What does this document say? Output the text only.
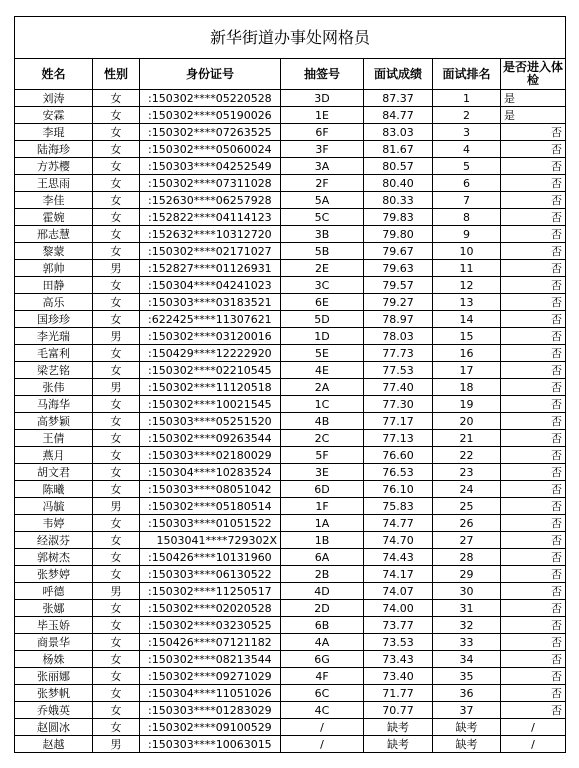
新华街道办事处网格员						
姓名	性别	身份证号	抽签号	面试成绩	面试排名	是否进入体检
刘涛	女	:150302****05220528	3D	87.37	1	是
安霖	女	:150302****05190026	1E	84.77	2	是
李琨	女	:150302****07263525	6F	83.03	3	否
陆海珍	女	:150302****05060024	3F	81.67	4	否
方苏樱	女	:150303****04252549	3A	80.57	5	否
王思雨	女	:150302****07311028	2F	80.40	6	否
李佳	女	:152630****06257928	5A	80.33	7	否
霍婉	女	:152822****04114123	5C	79.83	8	否
邢志慧	女	:152632****10312720	3B	79.80	9	否
黎蒙	女	:150302****02171027	5B	79.67	10	否
郭帅	男	:152827****01126931	2E	79.63	11	否
田静	女	:150304****04241023	3C	79.57	12	否
高乐	女	:150303****03183521	6E	79.27	13	否
国珍珍	女	:622425****11307621	5D	78.97	14	否
李光瑞	男	:150302****03120016	1D	78.03	15	否
毛富利	女	:150429****12222920	5E	77.73	16	否
梁艺铭	女	:150302****02210545	4E	77.53	17	否
张伟	男	:150302****11120518	2A	77.40	18	否
马海华	女	:150302****10021545	1C	77.30	19	否
高梦颖	女	:150303****05251520	4B	77.17	20	否
王倩	女	:150302****09263544	2C	77.13	21	否
燕月	女	:150303****02180029	5F	76.60	22	否
胡文君	女	:150304****10283524	3E	76.53	23	否
陈曦	女	:150303****08051042	6D	76.10	24	否
冯毓	男	:150302****05180514	1F	75.83	25	否
韦婷	女	:150303****01051522	1A	74.77	26	否
经淑芬	女	1503041****729302X	1B	74.70	27	否
郭树杰	女	:150426****10131960	6A	74.43	28	否
张梦婷	女	:150303****06130522	2B	74.17	29	否
呼德	男	:150302****11250517	4D	74.07	30	否
张娜	女	:150302****02020528	2D	74.00	31	否
毕玉娇	女	:150302****03230525	6B	73.77	32	否
商景华	女	:150426****07121182	4A	73.53	33	否
杨姝	女	:150302****08213544	6G	73.43	34	否
张丽娜	女	:150302****09271029	4F	73.40	35	否
张梦帆	女	:150304****11051026	6C	71.77	36	否
乔娥英	女	:150303****01283029	4C	70.77	37	否
赵圆冰	女	:150302****09100529	/	缺考	缺考	/
赵越	男	:150303****10063015	/	缺考	缺考	/
